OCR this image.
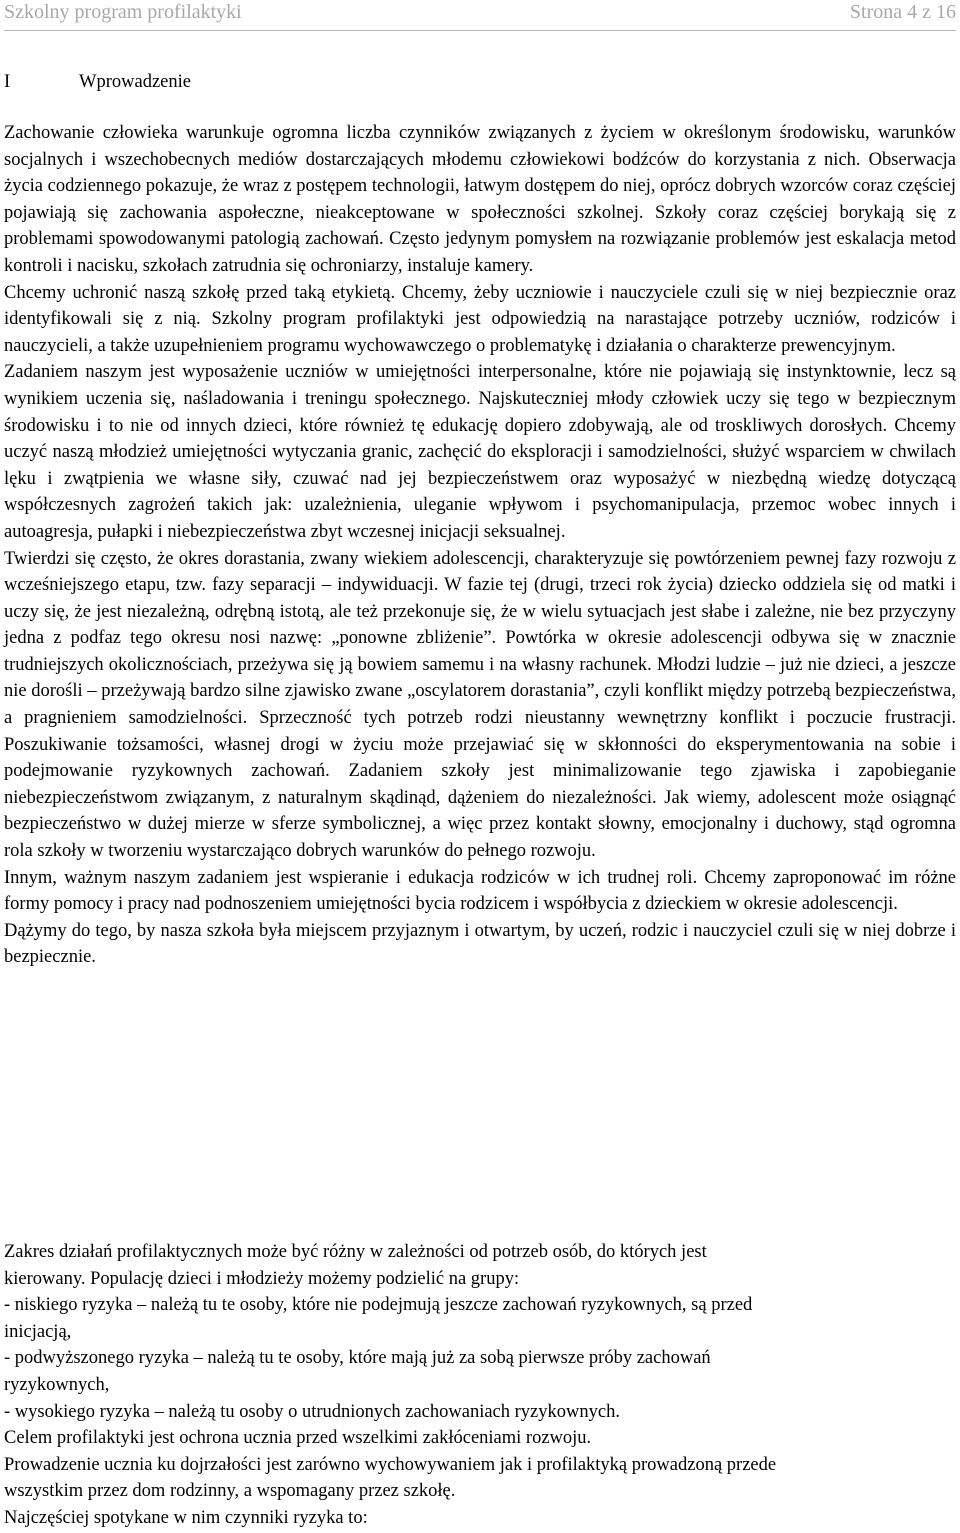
Szkolny program profilaktyki	Strona 4 z 16
I	Wprowadzenie

Zachowanie człowieka warunkuje ogromna liczba czynników związanych z życiem w określonym środowisku, warunków socjalnych i wszechobecnych mediów dostarczających młodemu człowiekowi bodźców do korzystania z nich. Obserwacja życia codziennego pokazuje, że wraz z postępem technologii, łatwym dostępem do niej, oprócz dobrych wzorców coraz częściej pojawiają się zachowania aspołeczne, nieakceptowane w społeczności szkolnej. Szkoły coraz częściej borykają się z problemami spowodowanymi patologią zachowań. Często jedynym pomysłem na rozwiązanie problemów jest eskalacja metod kontroli i nacisku, szkołach zatrudnia się ochroniarzy, instaluje kamery.

Chcemy uchronić naszą szkołę przed taką etykietą. Chcemy, żeby uczniowie i nauczyciele czuli się w niej bezpiecznie oraz identyfikowali się z nią. Szkolny program profilaktyki jest odpowiedzią na narastające potrzeby uczniów, rodziców i nauczycieli, a także uzupełnieniem programu wychowawczego o problematykę i działania o charakterze prewencyjnym.

Zadaniem naszym jest wyposażenie uczniów w umiejętności interpersonalne, które nie pojawiają się instynktownie, lecz są wynikiem uczenia się, naśladowania i treningu społecznego. Najskuteczniej młody człowiek uczy się tego w bezpiecznym środowisku i to nie od innych dzieci, które również tę edukację dopiero zdobywają, ale od troskliwych dorosłych. Chcemy uczyć naszą młodzież umiejętności wytyczania granic, zachęcić do eksploracji i samodzielności, służyć wsparciem w chwilach lęku i zwątpienia we własne siły, czuwać nad jej bezpieczeństwem oraz wyposażyć w niezbędną wiedzę dotyczącą współczesnych zagrożeń takich jak: uzależnienia, uleganie wpływom i psychomanipulacja, przemoc wobec innych i autoagresja, pułapki i niebezpieczeństwa zbyt wczesnej inicjacji seksualnej.

Twierdzi się często, że okres dorastania, zwany wiekiem adolescencji, charakteryzuje się powtórzeniem pewnej fazy rozwoju z wcześniejszego etapu, tzw. fazy separacji – indywiduacji. W fazie tej (drugi, trzeci rok życia) dziecko oddziela się od matki i uczy się, że jest niezależną, odrębną istotą, ale też przekonuje się, że w wielu sytuacjach jest słabe i zależne, nie bez przyczyny jedna z podfaz tego okresu nosi nazwę: „ponowne zbliżenie”. Powtórka w okresie adolescencji odbywa się w znacznie trudniejszych okolicznościach, przeżywa się ją bowiem samemu i na własny rachunek. Młodzi ludzie – już nie dzieci, a jeszcze nie dorośli – przeżywają bardzo silne zjawisko zwane „oscylatorem dorastania”, czyli konflikt między potrzebą bezpieczeństwa, a pragnieniem samodzielności. Sprzeczność tych potrzeb rodzi nieustanny wewnętrzny konflikt i poczucie frustracji. Poszukiwanie tożsamości, własnej drogi w życiu może przejawiać się w skłonności do eksperymentowania na sobie i podejmowanie ryzykownych zachowań. Zadaniem szkoły jest minimalizowanie tego zjawiska i zapobieganie niebezpieczeństwom związanym, z naturalnym skądinąd, dążeniem do niezależności. Jak wiemy, adolescent może osiągnąć bezpieczeństwo w dużej mierze w sferze symbolicznej, a więc przez kontakt słowny, emocjonalny i duchowy, stąd ogromna rola szkoły w tworzeniu wystarczająco dobrych warunków do pełnego rozwoju.

Innym, ważnym naszym zadaniem jest wspieranie i edukacja rodziców w ich trudnej roli. Chcemy zaproponować im różne formy pomocy i pracy nad podnoszeniem umiejętności bycia rodzicem i współbycia z dzieckiem w okresie adolescencji.

Dążymy do tego, by nasza szkoła była miejscem przyjaznym i otwartym, by uczeń, rodzic i nauczyciel czuli się w niej dobrze i bezpiecznie.

Zakres działań profilaktycznych może być różny w zależności od potrzeb osób, do których jest kierowany. Populację dzieci i młodzieży możemy podzielić na grupy:

- niskiego ryzyka – należą tu te osoby, które nie podejmują jeszcze zachowań ryzykownych, są przed inicjacją,

- podwyższonego ryzyka – należą tu te osoby, które mają już za sobą pierwsze próby zachowań ryzykownych,

- wysokiego ryzyka – należą tu osoby o utrudnionych zachowaniach ryzykownych.

Celem profilaktyki jest ochrona ucznia przed wszelkimi zakłóceniami rozwoju.

Prowadzenie ucznia ku dojrzałości jest zarówno wychowywaniem jak i profilaktyką prowadzoną przede wszystkim przez dom rodzinny, a wspomagany przez szkołę.

Najczęściej spotykane w nim czynniki ryzyka to:
